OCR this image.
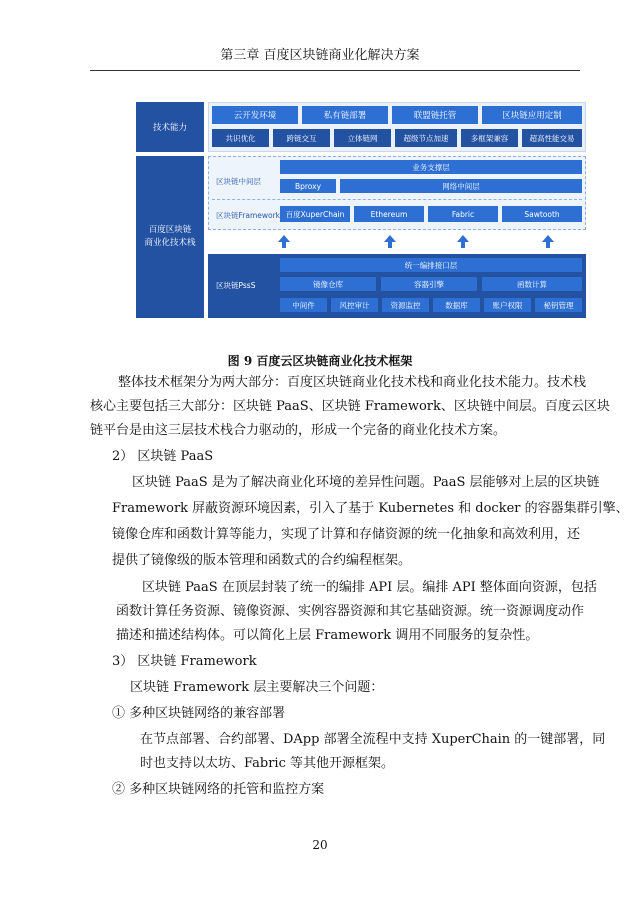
第三章 百度区块链商业化解决方案
技术能力
百度区块链
商业化技术栈
云开发环境	私有链部署	联盟链托管	区块链应用定制
共识优化	跨链交互	立体链网	超级节点加速	多框架兼容	超高性能交易
区块链中间层
业务支撑层
Bproxy	网络中间层
区块链Framework 百度XuperChain	Ethereum	Fabric	Sawtooth
区块链PssS
统一编排接口层
镜像仓库	容器引擎	函数计算
中间件	风控审计	资源监控	数据库	账户权限	秘钥管理
图 9 百度云区块链商业化技术框架
整体技术框架分为两大部分：百度区块链商业化技术栈和商业化技术能力。技术栈
核心主要包括三大部分：区块链 PaaS、区块链 Framework、区块链中间层。百度云区块
链平台是由这三层技术栈合力驱动的，形成一个完备的商业化技术方案。
2） 区块链 PaaS
区块链 PaaS 是为了解决商业化环境的差异性问题。PaaS 层能够对上层的区块链
Framework 屏蔽资源环境因素，引入了基于 Kubernetes 和 docker 的容器集群引擎、
镜像仓库和函数计算等能力，实现了计算和存储资源的统一化抽象和高效利用，还
提供了镜像级的版本管理和函数式的合约编程框架。
区块链 PaaS 在顶层封装了统一的编排 API 层。编排 API 整体面向资源，包括
函数计算任务资源、镜像资源、实例容器资源和其它基础资源。统一资源调度动作
描述和描述结构体。可以简化上层 Framework 调用不同服务的复杂性。
3） 区块链 Framework
区块链 Framework 层主要解决三个问题：
① 多种区块链网络的兼容部署
在节点部署、合约部署、DApp 部署全流程中支持 XuperChain 的一键部署，同
时也支持以太坊、Fabric 等其他开源框架。
② 多种区块链网络的托管和监控方案
20
